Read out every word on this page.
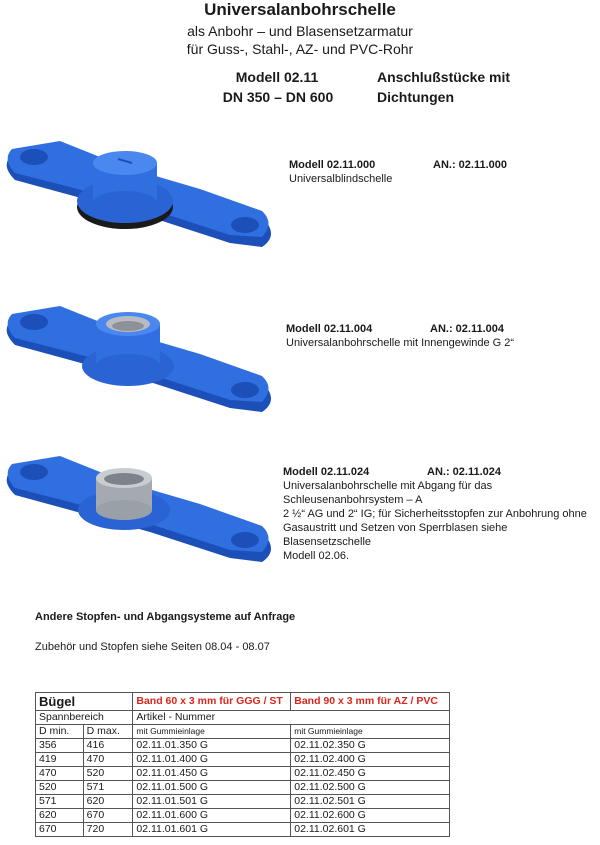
Universalanbohrschelle
als Anbohr – und Blasensetzarmatur
für Guss-, Stahl-, AZ- und PVC-Rohr
Modell 02.11
DN 350 – DN 600
Anschlußstücke mit
Dichtungen
Modell 02.11.000	AN.: 02.11.000
Universalblindschelle
Modell 02.11.004	AN.: 02.11.004
Universalanbohrschelle mit Innengewinde G 2“
Modell 02.11.024	AN.: 02.11.024
Universalanbohrschelle mit Abgang für das
Schleusenanbohrsystem – A
2 ½“ AG und 2“ IG; für Sicherheitsstopfen zur Anbohrung ohne
Gasaustritt und Setzen von Sperrblasen siehe Blasensetzschelle
Modell 02.06.
Andere Stopfen- und Abgangsysteme auf Anfrage
Zubehör und Stopfen siehe Seiten 08.04 - 08.07
Bügel		Band 60 x 3 mm für GGG / ST	Band 90 x 3 mm für AZ / PVC
Spannbereich		Artikel - Nummer	
D min.	D max.	mit Gummieinlage	mit Gummieinlage
356	416	02.11.01.350 G	02.11.02.350 G
419	470	02.11.01.400 G	02.11.02.400 G
470	520	02.11.01.450 G	02.11.02.450 G
520	571	02.11.01.500 G	02.11.02.500 G
571	620	02.11.01.501 G	02.11.02.501 G
620	670	02.11.01.600 G	02.11.02.600 G
670	720	02.11.01.601 G	02.11.02.601 G
